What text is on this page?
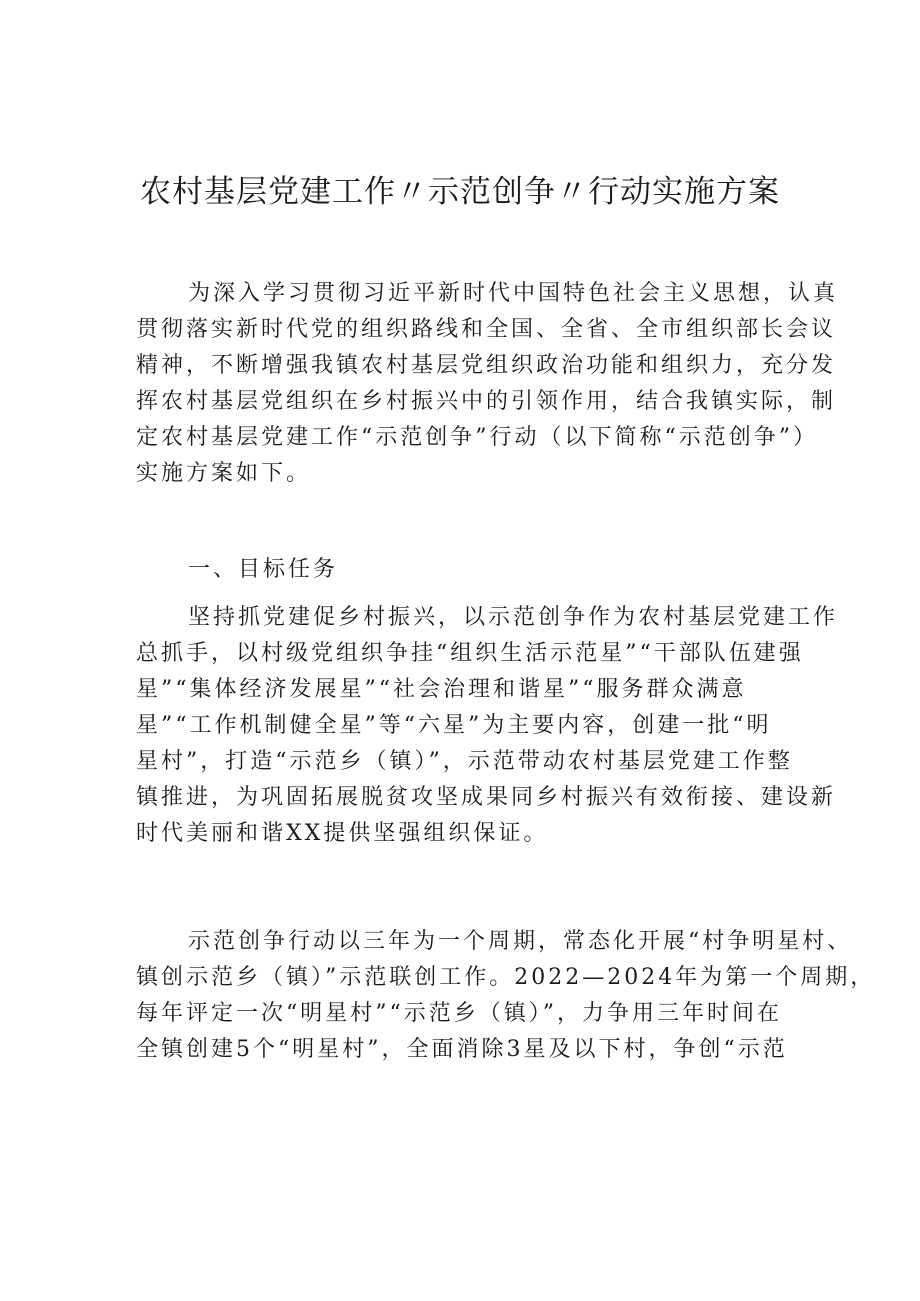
农村基层党建工作〃示范创争〃行动实施方案
为深入学习贯彻习近平新时代中国特色社会主义思想，认真
贯彻落实新时代党的组织路线和全国、全省、全市组织部长会议
精神，不断增强我镇农村基层党组织政治功能和组织力，充分发
挥农村基层党组织在乡村振兴中的引领作用，结合我镇实际，制
定农村基层党建工作“示范创争”行动（以下简称“示范创争”）
实施方案如下。
一、目标任务
坚持抓党建促乡村振兴，以示范创争作为农村基层党建工作
总抓手，以村级党组织争挂“组织生活示范星”“干部队伍建强
星”“集体经济发展星”“社会治理和谐星”“服务群众满意
星”“工作机制健全星”等“六星”为主要内容，创建一批“明
星村”，打造“示范乡（镇）”，示范带动农村基层党建工作整
镇推进，为巩固拓展脱贫攻坚成果同乡村振兴有效衔接、建设新
时代美丽和谐XX提供坚强组织保证。
示范创争行动以三年为一个周期，常态化开展“村争明星村、
镇创示范乡（镇）”示范联创工作。2022—2024年为第一个周期，
每年评定一次“明星村”“示范乡（镇）”，力争用三年时间在
全镇创建5个“明星村”，全面消除3星及以下村，争创“示范
